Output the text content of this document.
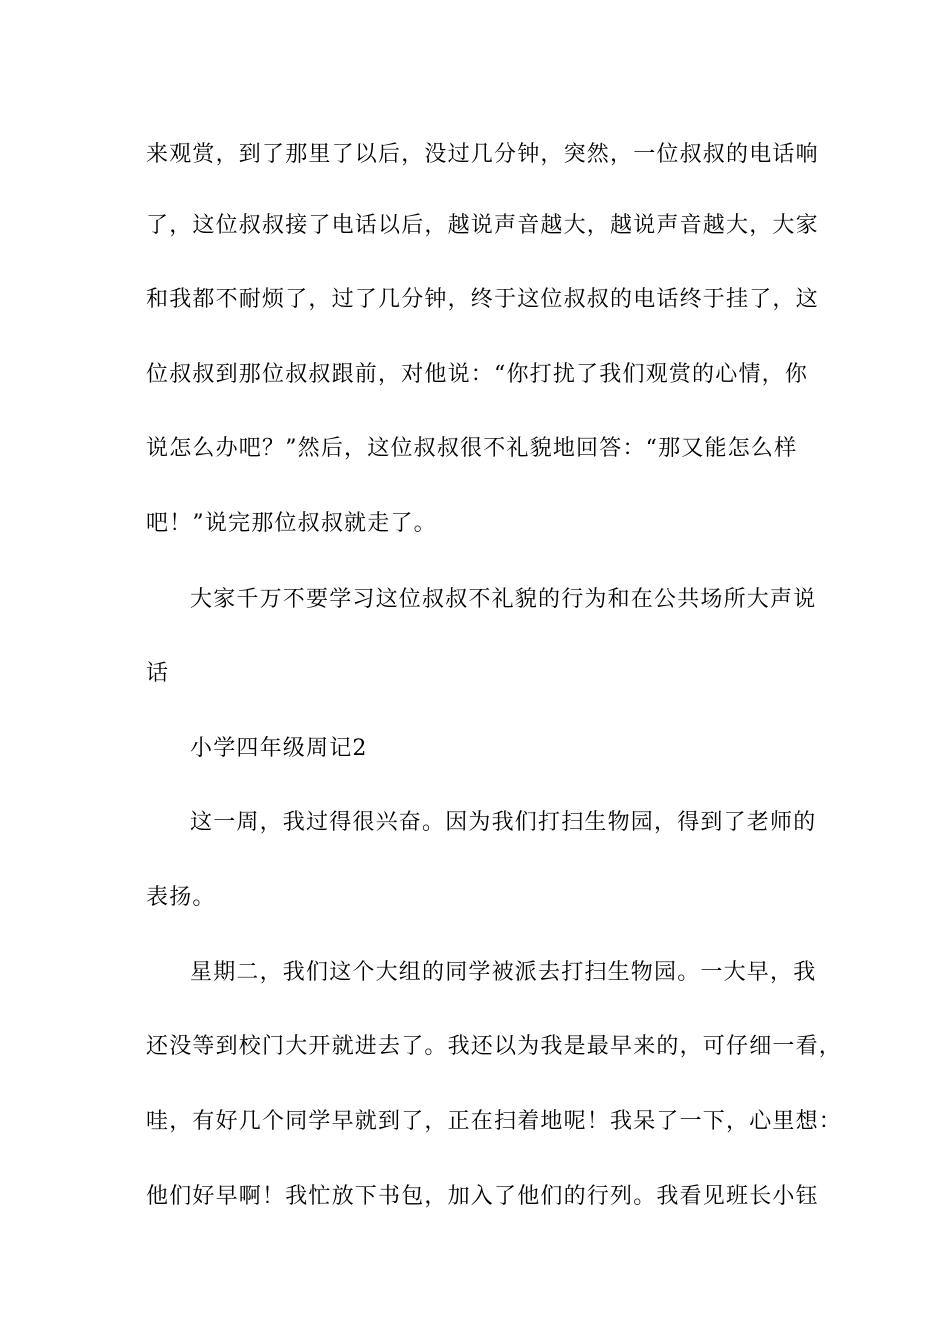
来观赏，到了那里了以后，没过几分钟，突然，一位叔叔的电话响
了，这位叔叔接了电话以后，越说声音越大，越说声音越大，大家
和我都不耐烦了，过了几分钟，终于这位叔叔的电话终于挂了，这
位叔叔到那位叔叔跟前，对他说：“你打扰了我们观赏的心情，你
说怎么办吧？”然后，这位叔叔很不礼貌地回答：“那又能怎么样
吧！”说完那位叔叔就走了。
大家千万不要学习这位叔叔不礼貌的行为和在公共场所大声说
话
小学四年级周记2
这一周，我过得很兴奋。因为我们打扫生物园，得到了老师的
表扬。
星期二，我们这个大组的同学被派去打扫生物园。一大早，我
还没等到校门大开就进去了。我还以为我是最早来的，可仔细一看，
哇，有好几个同学早就到了，正在扫着地呢！我呆了一下，心里想：
他们好早啊！我忙放下书包，加入了他们的行列。我看见班长小钰
